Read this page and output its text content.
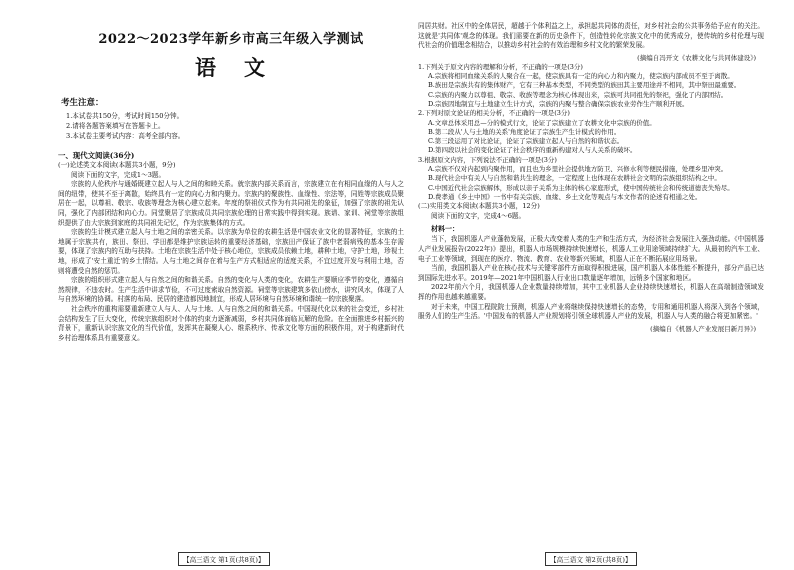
2022～2023学年新乡市高三年级入学测试
语文
考生注意：
1.本试卷共150分，考试时间150分钟。
2.请将各题答案填写在答题卡上。
3.本试卷主要考试内容：高考全部内容。
一、现代文阅读(36分)
(一)论述类文本阅读(本题共3小题，9分)
阅读下面的文字，完成1～3题。

宗族的人伦秩序与通婚既建立起人与人之间的和睦关系。就宗族内部关系而言，宗族建立在有相同血缘的人与人之间的纽带，使其不至于离散，始终具有一定的向心力和内聚力。宗族内的聚族性、血缘性、宗法等，同姓等宗族成员聚居在一起，以尊祖、敬宗、收族等理念为核心建立起来。年度的祭祖仪式作为有共同祖先的象征，加强了宗族的祖先认同，强化了内部团结和向心力。同堂聚居了宗族成员共同宗族伦理的日常实践中得到实现。族谱、家训、祠堂等宗族组织提供了由大宗族到家庭的共同祖先记忆，作为宗族集体的方式。

宗族的生计模式建立起人与土地之间的亲密关系。以宗族为单位的农耕生活是中国农业文化的显著特征，宗族的土地属于宗族共有，族田、祭田、学田都是维护宗族运转的重要经济基础，宗族田产保证了族中老弱病残的基本生存需要，体现了宗族内的互助与扶持。土地在宗族生活中处于核心地位，宗族成员依赖土地，耕种土地，守护土地，珍视土地，形成了'安土重迁'的乡土情结。人与土地之间存在着与生产方式相适应的适度关系，不宜过度开发与利用土地，否则将遭受自然的惩罚。

宗族的组织形式建立起人与自然之间的和谐关系。自然的变化与人类的变化，农耕生产要顺应季节的变化，遵循自然规律，不违农时。生产生活中讲求节俭，不可过度索取自然资源。祠堂等宗族建筑多依山傍水，讲究风水，体现了人与自然环境的协调。村落的布局、民居的建造都因地制宜，形成人居环境与自然环境和谐统一的宗族聚落。

社会秩序的重构需要重新建立人与人、人与土地、人与自然之间的和谐关系。中国现代化以来的社会变迁，乡村社会结构发生了巨大变化，传统宗族组织对个体的约束力逐渐减弱，乡村共同体面临瓦解的危险。在全面推进乡村振兴的背景下，重新认识宗族文化的当代价值，发挥其在凝聚人心、维系秩序、传承文化等方面的积极作用，对于构建新时代乡村治理体系具有重要意义。

同居共财。社区中的全体居民，超越于个体利益之上，承担起共同体的责任，对乡村社会的公共事务给予应有的关注。这就是'共同体'观念的体现。我们需要在新的历史条件下，创造性转化宗族文化中的优秀成分，使传统的乡村伦理与现代社会的价值理念相结合，以推动乡村社会的有效治理和乡村文化的繁荣发展。

(摘编自冯开文《农耕文化与共同体建设》)

1.下列关于原文内容的理解和分析，不正确的一项是(3分)

A.宗族将相同血缘关系的人聚合在一起，使宗族具有一定的向心力和内聚力，使宗族内部成员不至于离散。

B.族田是宗族共有的集体财产，它有三种基本类型，不同类型的族田其主要用途并不相同，其中祭田最重要。

C.宗族的内聚力以尊祖、敬宗、收族等理念为核心体现出来，宗族可共同祖先的祭祀，强化了内部团结。

D.宗族因地制宜与土地建立生计方式，宗族的内聚与整合确保宗族农业劳作生产顺利开展。

2.下列对原文论证的相关分析，不正确的一项是(3分)

A.文章总体采用总—分的模式行文，论证了宗族建立了农耕文化中宗族的价值。

B.第二段从'人与土地的关系'角度论证了宗族生产生计模式的作用。

C.第三段运用了对比论证，论证了宗族建立起人与自然的和谐状态。

D.第四段以社会的变化论证了社会秩序的重新构建对人与人关系的破坏。

3.根据原文内容，下列说法不正确的一项是(3分)

A.宗族不仅对内起到内聚作用，而且也为乡里社会提供地方防卫、兴修水利等便民措施，处理乡里冲突。

B.现代社会中有关人与自然和谐共生的理念，一定程度上也体现在农耕社会文明的宗族组织结构之中。

C.中国近代社会宗族解体，形成以亲子关系为主体的核心家庭形式，使中国传统社会和传统道德丧失殆尽。

D.费孝通《乡土中国》一书中有关宗族、血缘、乡土文化等观点与本文作者的论述有相通之处。

(二)实用类文本阅读(本题共3小题，12分)
阅读下面的文字，完成4～6题。
材料一：

当下，我国机器人产业蓬勃发展，正极大改变着人类的生产和生活方式，为经济社会发展注入强劲动能。《中国机器人产业发展报告(2022年)》提出，机器人市场规模持续快速增长，机器人工业用途领域持续扩大。从最初的汽车工业、电子工业等领域，到现在的医疗、物流、教育、农业等新兴领域，机器人正在不断拓展应用场景。

当前，我国机器人产业在核心技术与关键零部件方面取得积极进展，国产机器人本体性能不断提升，部分产品已达到国际先进水平。2019年—2021年中国机器人行业出口数量逐年增加，远销多个国家和地区。

2022年前六个月，我国机器人企业数量持续增加，其中工业机器人企业持续快速增长，机器人在高端制造领域发挥的作用也越来越重要。

对于未来，中国工程院院士预测，机器人产业将继续保持快速增长的态势，专用和通用机器人将深入到各个领域，服务人们的生产生活。'中国发布的机器人产业规划将引领全球机器人产业的发展，机器人与人类的融合将更加紧密。'

(摘编自《机器人产业发展目新月异》)
【高三语文 第1页(共8页)】	【高三语文 第2页(共8页)】
